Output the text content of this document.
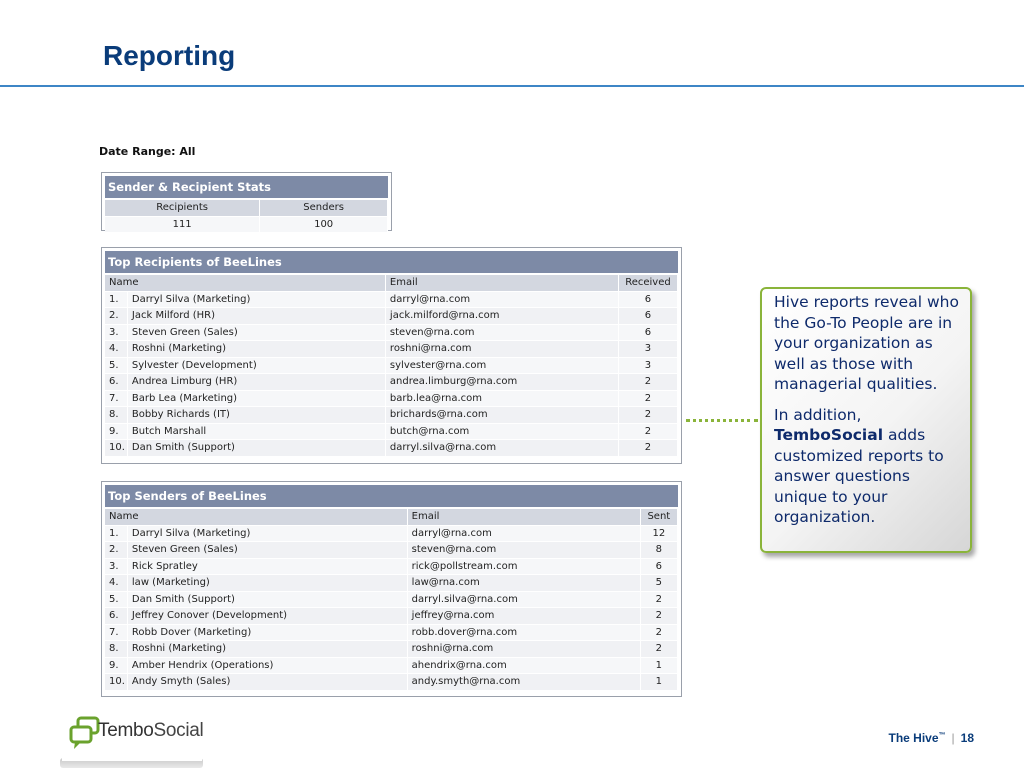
Reporting
Date Range: All
Sender & Recipient Stats	
Recipients	Senders
111	100
Top Recipients of BeeLines			
Name		Email	Received
1.	Darryl Silva (Marketing)	darryl@rna.com	6
2.	Jack Milford (HR)	jack.milford@rna.com	6
3.	Steven Green (Sales)	steven@rna.com	6
4.	Roshni (Marketing)	roshni@rna.com	3
5.	Sylvester (Development)	sylvester@rna.com	3
6.	Andrea Limburg (HR)	andrea.limburg@rna.com	2
7.	Barb Lea (Marketing)	barb.lea@rna.com	2
8.	Bobby Richards (IT)	brichards@rna.com	2
9.	Butch Marshall	butch@rna.com	2
10.	Dan Smith (Support)	darryl.silva@rna.com	2
Top Senders of BeeLines			
Name		Email	Sent
1.	Darryl Silva (Marketing)	darryl@rna.com	12
2.	Steven Green (Sales)	steven@rna.com	8
3.	Rick Spratley	rick@pollstream.com	6
4.	law (Marketing)	law@rna.com	5
5.	Dan Smith (Support)	darryl.silva@rna.com	2
6.	Jeffrey Conover (Development)	jeffrey@rna.com	2
7.	Robb Dover (Marketing)	robb.dover@rna.com	2
8.	Roshni (Marketing)	roshni@rna.com	2
9.	Amber Hendrix (Operations)	ahendrix@rna.com	1
10.	Andy Smyth (Sales)	andy.smyth@rna.com	1

Hive reports reveal who the Go-To People are in your organization as well as those with managerial qualities.

In addition,
TemboSocial adds customized reports to answer questions unique to your organization.

TemboSocial	The Hive™ | 18
